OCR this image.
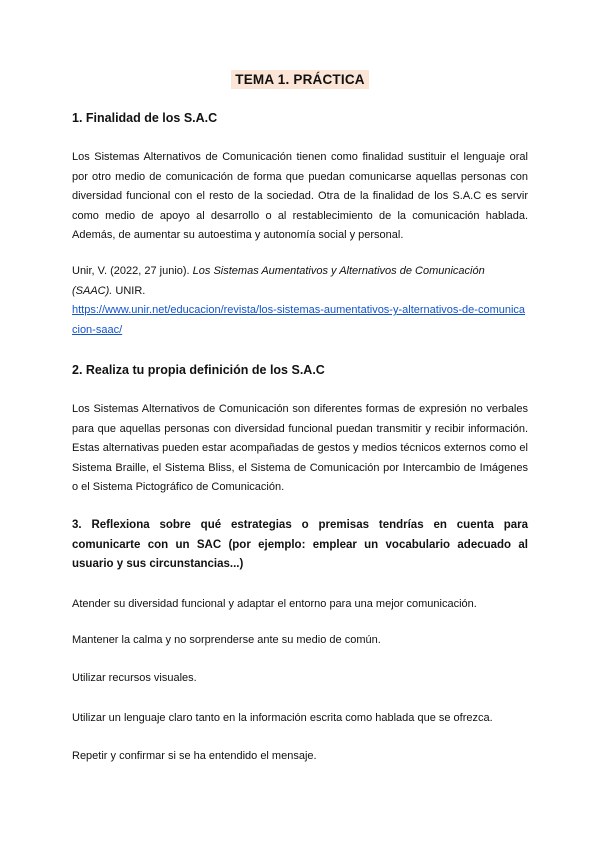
TEMA 1. PRÁCTICA
1. Finalidad de los S.A.C

Los Sistemas Alternativos de Comunicación tienen como finalidad sustituir el lenguaje oral por otro medio de comunicación de forma que puedan comunicarse aquellas personas con diversidad funcional con el resto de la sociedad. Otra de la finalidad de los S.A.C es servir como medio de apoyo al desarrollo o al restablecimiento de la comunicación hablada. Además, de aumentar su autoestima y autonomía social y personal.

Unir, V. (2022, 27 junio). Los Sistemas Aumentativos y Alternativos de Comunicación (SAAC). UNIR.
https://www.unir.net/educacion/revista/los-sistemas-aumentativos-y-alternativos-de-comunicacion-saac/
2. Realiza tu propia definición de los S.A.C

Los Sistemas Alternativos de Comunicación son diferentes formas de expresión no verbales para que aquellas personas con diversidad funcional puedan transmitir y recibir información. Estas alternativas pueden estar acompañadas de gestos y medios técnicos externos como el Sistema Braille, el Sistema Bliss, el Sistema de Comunicación por Intercambio de Imágenes o el Sistema Pictográfico de Comunicación.

3. Reflexiona sobre qué estrategias o premisas tendrías en cuenta para comunicarte con un SAC (por ejemplo: emplear un vocabulario adecuado al usuario y sus circunstancias...)

Atender su diversidad funcional y adaptar el entorno para una mejor comunicación.
Mantener la calma y no sorprenderse ante su medio de común.
Utilizar recursos visuales.
Utilizar un lenguaje claro tanto en la información escrita como hablada que se ofrezca.
Repetir y confirmar si se ha entendido el mensaje.
